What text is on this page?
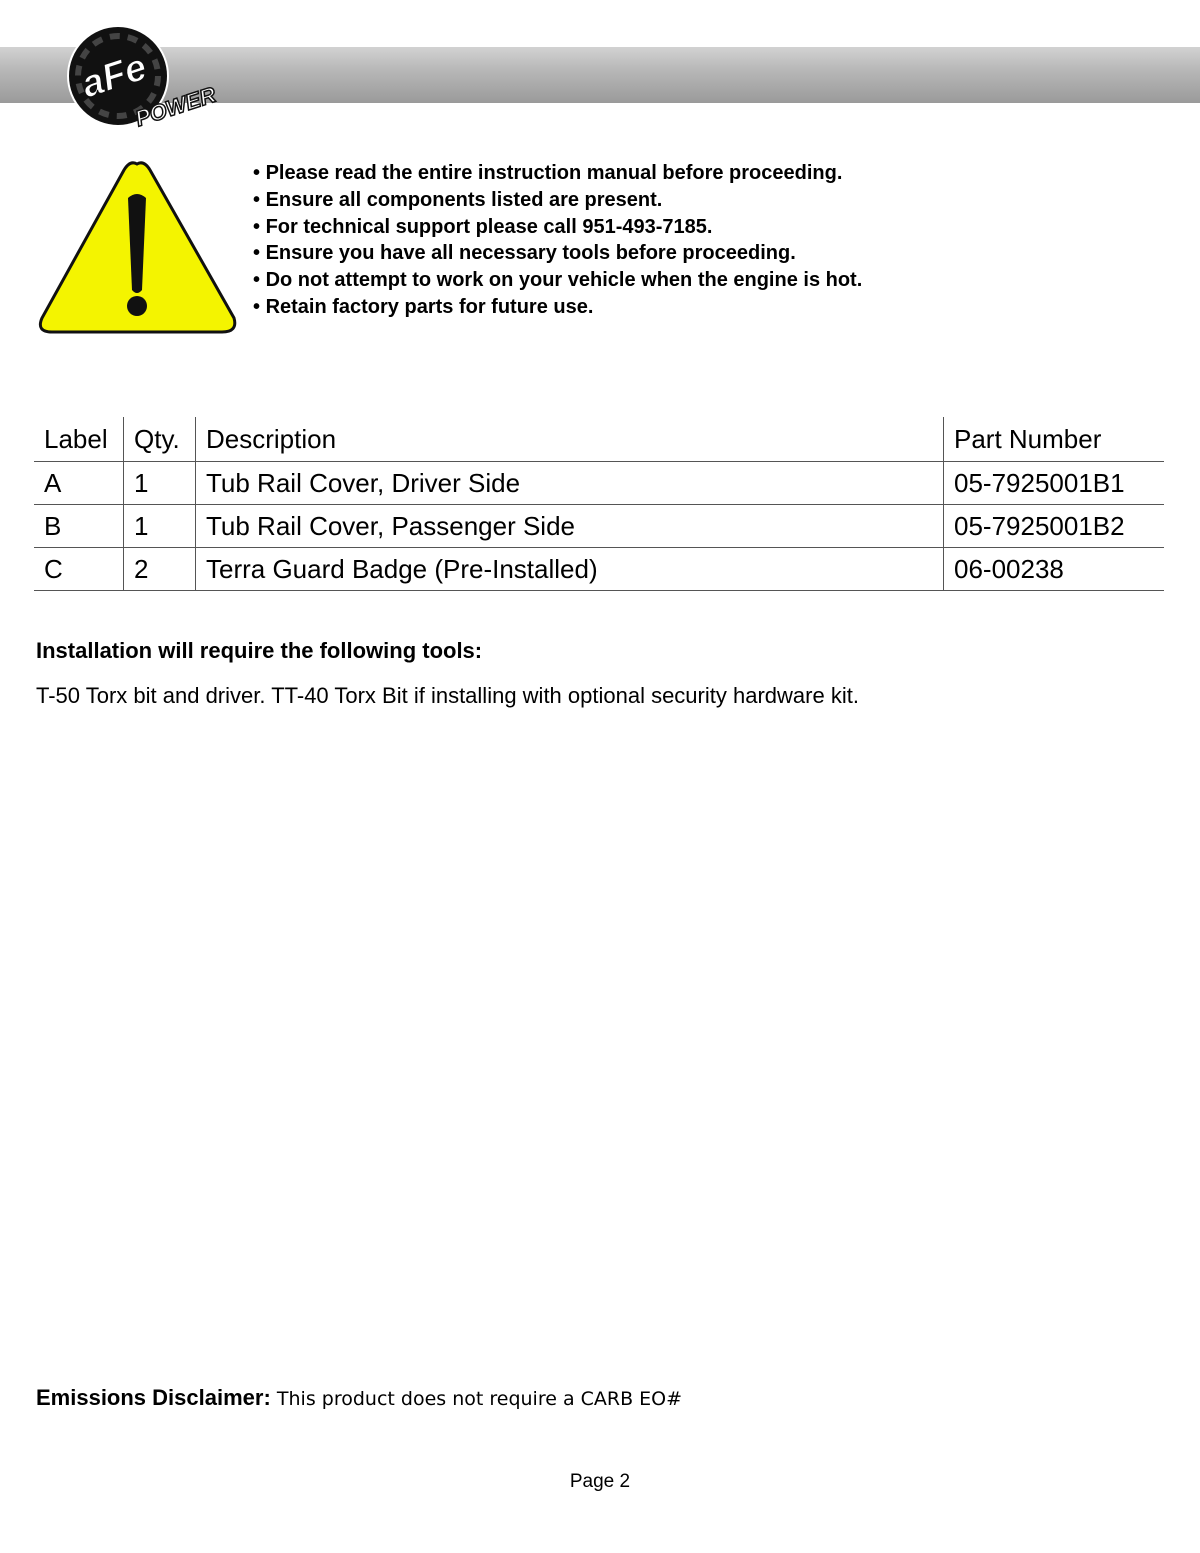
aFe
POWER
• Please read the entire instruction manual before proceeding.
• Ensure all components listed are present.
• For technical support please call 951-493-7185.
• Ensure you have all necessary tools before proceeding.
• Do not attempt to work on your vehicle when the engine is hot.
• Retain factory parts for future use.
Label	Qty.	Description	Part Number
A	1	Tub Rail Cover, Driver Side	05-7925001B1
B	1	Tub Rail Cover, Passenger Side	05-7925001B2
C	2	Terra Guard Badge (Pre-Installed)	06-00238
Installation will require the following tools:
T-50 Torx bit and driver. TT-40 Torx Bit if installing with optional security hardware kit.
Emissions Disclaimer: This product does not require a CARB EO#
Page 2
